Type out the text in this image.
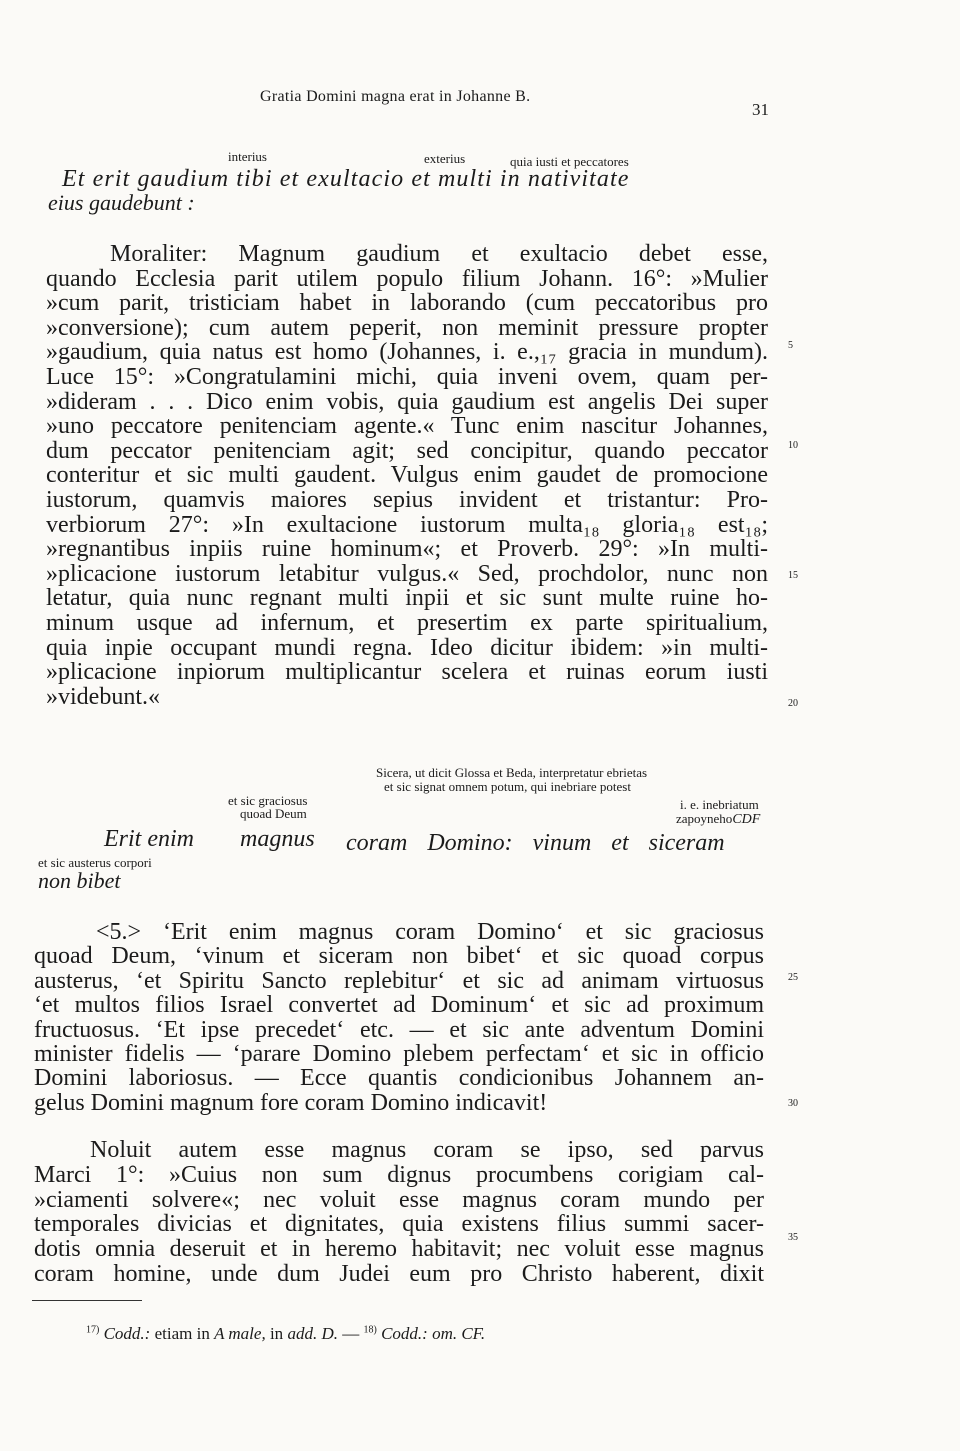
Gratia Domini magna erat in Johanne B.
31
interius	exterius	quia iusti et peccatores
Et erit gaudium tibi et exultacio et multi in nativitate
eius gaudebunt :
Moraliter: Magnum gaudium et exultacio debet esse,
quando Ecclesia parit utilem populo filium Johann. 16°: »Mulier
»cum parit, tristiciam habet in laborando (cum peccatoribus pro
»conversione); cum autem peperit, non meminit pressure propter
»gaudium, quia natus est homo (Johannes, i. e.,₁₇ gracia in mundum).
Luce 15°: »Congratulamini michi, quia inveni ovem, quam per-
»dideram . . . Dico enim vobis, quia gaudium est angelis Dei super
»uno peccatore penitenciam agente.« Tunc enim nascitur Johannes,
dum peccator penitenciam agit; sed concipitur, quando peccator
conteritur et sic multi gaudent. Vulgus enim gaudet de promocione
iustorum, quamvis maiores sepius invident et tristantur: Pro-
verbiorum 27°: »In exultacione iustorum multa₁₈ gloria₁₈ est₁₈;
»regnantibus inpiis ruine hominum«; et Proverb. 29°: »In multi-
»plicacione iustorum letabitur vulgus.« Sed, prochdolor, nunc non
letatur, quia nunc regnant multi inpii et sic sunt multe ruine ho-
minum usque ad infernum, et presertim ex parte spiritualium,
quia inpie occupant mundi regna. Ideo dicitur ibidem: »in multi-
»plicacione inpiorum multiplicantur scelera et ruinas eorum iusti
»videbunt.«
5
10
15
20
Sicera, ut dicit Glossa et Beda, interpretatur ebrietas
et sic signat omnem potum, qui inebriare potest
et sic graciosus	i. e. inebriatum
quoad Deum	zapoynehoCDF
Erit enim magnus coram Domino: vinum et siceram
et sic austerus corpori
non bibet
<5.> ‘Erit enim magnus coram Domino‘ et sic graciosus
quoad Deum, ‘vinum et siceram non bibet‘ et sic quoad corpus
austerus, ‘et Spiritu Sancto replebitur‘ et sic ad animam virtuosus
‘et multos filios Israel convertet ad Dominum‘ et sic ad proximum
fructuosus. ‘Et ipse precedet‘ etc. — et sic ante adventum Domini
minister fidelis — ‘parare Domino plebem perfectam‘ et sic in officio
Domini laboriosus. — Ecce quantis condicionibus Johannem an-
gelus Domini magnum fore coram Domino indicavit!
25
30
Noluit autem esse magnus coram se ipso, sed parvus
Marci 1°: »Cuius non sum dignus procumbens corigiam cal-
»ciamenti solvere«; nec voluit esse magnus coram mundo per
temporales divicias et dignitates, quia existens filius summi sacer-
dotis omnia deseruit et in heremo habitavit; nec voluit esse magnus
coram homine, unde dum Judei eum pro Christo haberent, dixit
35
$^{17)}$ Codd.: etiam in A male, in add. D. — $^{18)}$ Codd.: om. CF.
